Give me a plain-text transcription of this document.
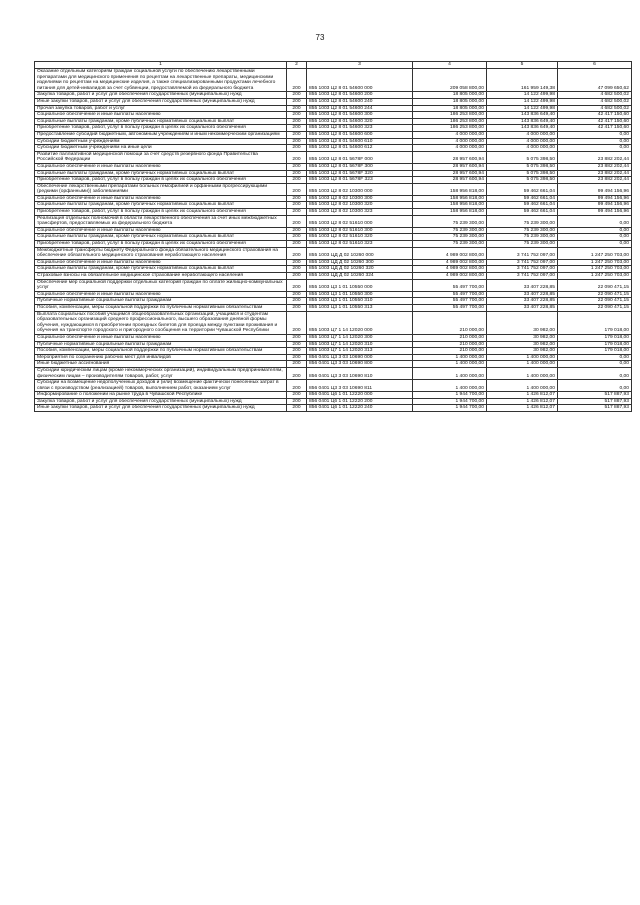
73
1	2	3	4	5	6
Оказание отдельным категориям граждан социальной услуги по обеспечению лекарственными препаратами для медицинского применения по рецептам на лекарственные препараты, медицинскими изделиями по рецептам на медицинские изделия, а также специализированными продуктами лечебного питания для детей-инвалидов за счет субвенции, предоставляемой из федерального бюджета	200	855 1003 Ц2 8 01 54600 000	209 058 800,00	161 959 149,38	47 099 650,62
Закупка товаров, работ и услуг для обеспечения государственных (муниципальных) нужд	200	855 1003 Ц2 8 01 54600 200	18 805 000,00	14 122 499,98	4 682 500,02
Иные закупки товаров, работ и услуг для обеспечения государственных (муниципальных) нужд	200	855 1003 Ц2 8 01 54600 240	18 805 000,00	14 122 499,98	4 682 500,02
Прочая закупка товаров, работ и услуг	200	855 1003 Ц2 8 01 54600 244	18 805 000,00	14 122 499,98	4 682 500,02
Социальное обеспечение и иные выплаты населению	200	855 1003 Ц2 8 01 54600 300	186 253 800,00	143 836 649,40	42 417 150,60
Социальные выплаты гражданам, кроме публичных нормативных социальных выплат	200	855 1003 Ц2 8 01 54600 320	186 253 800,00	143 836 649,40	42 417 150,60
Приобретение товаров, работ, услуг в пользу граждан в целях их социального обеспечения	200	855 1003 Ц2 8 01 54600 323	186 253 800,00	143 836 649,40	42 417 150,60
Предоставление субсидий бюджетным, автономным учреждениям и иным некоммерческим организациям	200	855 1003 Ц2 8 01 54600 600	4 000 000,00	4 000 000,00	0,00
Субсидии бюджетным учреждениям	200	855 1003 Ц2 8 01 54600 610	4 000 000,00	4 000 000,00	0,00
Субсидии бюджетным учреждениям на иные цели	200	855 1003 Ц2 8 01 54600 612	4 000 000,00	4 000 000,00	0,00
Развитие паллиативной медицинской помощи за счет средств резервного фонда Правительства Российской Федерации	200	855 1003 Ц2 8 01 5678F 000	28 957 600,94	5 075 398,50	23 882 202,44
Социальное обеспечение и иные выплаты населению	200	855 1003 Ц2 8 01 5678F 300	28 957 600,94	5 075 398,50	23 882 202,44
Социальные выплаты гражданам, кроме публичных нормативных социальных выплат	200	855 1003 Ц2 8 01 5678F 320	28 957 600,94	5 075 398,50	23 882 202,44
Приобретение товаров, работ, услуг в пользу граждан в целях их социального обеспечения	200	855 1003 Ц2 8 01 5678F 323	28 957 600,94	5 075 398,50	23 882 202,44
Обеспечение лекарственными препаратами больных гемофилией и орфанными прогрессирующими (редкими (орфанными)) заболеваниями	200	855 1003 Ц2 8 02 10300 000	158 956 818,00	59 462 661,04	99 494 156,96
Социальное обеспечение и иные выплаты населению	200	855 1003 Ц2 8 02 10300 300	158 956 818,00	59 462 661,04	99 494 156,96
Социальные выплаты гражданам, кроме публичных нормативных социальных выплат	200	855 1003 Ц2 8 02 10300 320	158 956 818,00	59 462 661,04	99 494 156,96
Приобретение товаров, работ, услуг в пользу граждан в целях их социального обеспечения	200	855 1003 Ц2 8 02 10300 323	158 956 818,00	59 462 661,04	99 494 156,96
Реализация отдельных полномочий в области лекарственного обеспечения за счет иных межбюджетных трансфертов, предоставляемых из федерального бюджета	200	855 1003 Ц2 8 02 51610 000	75 239 300,00	75 239 300,00	0,00
Социальное обеспечение и иные выплаты населению	200	855 1003 Ц2 8 02 51610 300	75 239 300,00	75 239 300,00	0,00
Социальные выплаты гражданам, кроме публичных нормативных социальных выплат	200	855 1003 Ц2 8 02 51610 320	75 239 300,00	75 239 300,00	0,00
Приобретение товаров, работ, услуг в пользу граждан в целях их социального обеспечения	200	855 1003 Ц2 8 02 51610 323	75 239 300,00	75 239 300,00	0,00
Межбюджетные трансферты бюджету Федерального фонда обязательного медицинского страхования на обеспечение обязательного медицинского страхования неработающего населения	200	855 1003 ЦД Д 02 10260 000	4 989 002 800,00	3 741 752 097,00	1 247 250 703,00
Социальное обеспечение и иные выплаты населению	200	855 1003 ЦД Д 02 10260 300	4 989 002 800,00	3 741 752 097,00	1 247 250 703,00
Социальные выплаты гражданам, кроме публичных нормативных социальных выплат	200	855 1003 ЦД Д 02 10260 320	4 989 002 800,00	3 741 752 097,00	1 247 250 703,00
Страховые взносы на обязательное медицинское страхование неработающего населения	200	855 1003 ЦД Д 02 10260 324	4 989 002 800,00	3 741 752 097,00	1 247 250 703,00
Обеспечение мер социальной поддержки отдельных категорий граждан по оплате жилищно-коммунальных услуг	200	855 1003 Ц3 1 01 10550 000	55 497 700,00	33 407 228,85	22 090 471,15
Социальное обеспечение и иные выплаты населению	200	855 1003 Ц3 1 01 10550 300	55 497 700,00	33 407 228,85	22 090 471,15
Публичные нормативные социальные выплаты гражданам	200	855 1003 Ц3 1 01 10550 310	55 497 700,00	33 407 228,85	22 090 471,15
Пособия, компенсации, меры социальной поддержки по публичным нормативным обязательствам	200	855 1003 Ц3 1 01 10550 313	55 497 700,00	33 407 228,85	22 090 471,15
Выплата социальных пособий учащимся общеобразовательных организаций, учащимся и студентам образовательных организаций среднего профессионального, высшего образования дневной формы обучения, нуждающимся в приобретении проездных билетов для проезда между пунктами проживания и обучения на транспорте городского и пригородного сообщения на территории Чувашской Республики	200	855 1003 Ц7 1 14 12020 000	210 000,00	30 982,00	179 018,00
Социальное обеспечение и иные выплаты населению	200	855 1003 Ц7 1 14 12020 300	210 000,00	30 982,00	179 018,00
Публичные нормативные социальные выплаты гражданам	200	855 1003 Ц7 1 14 12020 310	210 000,00	30 982,00	179 018,00
Пособия, компенсации, меры социальной поддержки по публичным нормативным обязательствам	200	855 1003 Ц7 1 14 12020 313	210 000,00	30 982,00	179 018,00
Мероприятия по сохранению рабочих мест для инвалидов	200	856 0401 Ц3 3 03 10690 000	1 400 000,00	1 400 000,00	0,00
Иные бюджетные ассигнования	200	856 0401 Ц3 3 03 10690 800	1 400 000,00	1 400 000,00	0,00
Субсидии юридическим лицам (кроме некоммерческих организаций), индивидуальным предпринимателям, физическим лицам – производителям товаров, работ, услуг	200	856 0401 Ц3 3 03 10690 810	1 400 000,00	1 400 000,00	0,00
Субсидии на возмещение недополученных доходов и (или) возмещение фактически понесенных затрат в связи с производством (реализацией) товаров, выполнением работ, оказанием услуг	200	856 0401 Ц3 3 03 10690 811	1 400 000,00	1 400 000,00	0,00
Информирование о положении на рынке труда в Чувашской Республике	200	856 0401 Ц6 1 01 12220 000	1 944 700,00	1 426 812,07	517 887,93
Закупка товаров, работ и услуг для обеспечения государственных (муниципальных) нужд	200	856 0401 Ц6 1 01 12220 200	1 944 700,00	1 426 812,07	517 887,93
Иные закупки товаров, работ и услуг для обеспечения государственных (муниципальных) нужд	200	856 0401 Ц6 1 01 12220 240	1 944 700,00	1 426 812,07	517 887,93
